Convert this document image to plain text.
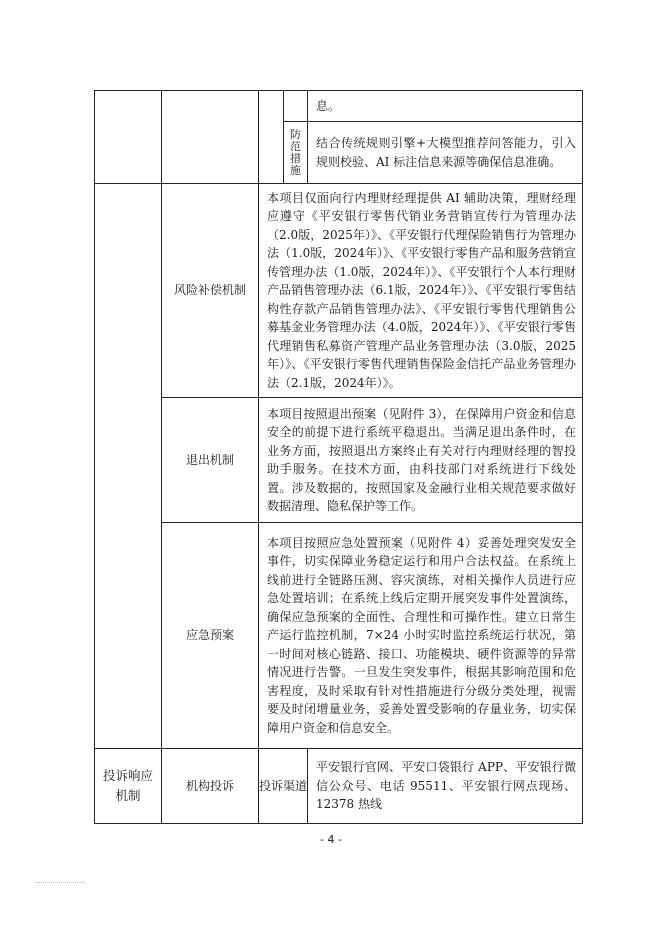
				息。

			防范措施	结合传统规则引擎+大模型推荐问答能力，引入规则校验、AI 标注信息来源等确保信息准确。
	风险补偿机制	本项目仅面向行内理财经理提供 AI 辅助决策，理财经理应遵守《平安银行零售代销业务营销宣传行为管理办法（2.0版，2025年）》、《平安银行代理保险销售行为管理办法（1.0版，2024年）》、《平安银行零售产品和服务营销宣传管理办法（1.0版，2024年）》、《平安银行个人本行理财产品销售管理办法（6.1版，2024年）》、《平安银行零售结构性存款产品销售管理办法》、《平安银行零售代理销售公募基金业务管理办法（4.0版，2024年）》、《平安银行零售代理销售私募资产管理产品业务管理办法（3.0版，2025年）》、《平安银行零售代理销售保险金信托产品业务管理办法（2.1版，2024年）》。		
	退出机制	本项目按照退出预案（见附件 3），在保障用户资金和信息安全的前提下进行系统平稳退出。当满足退出条件时，在业务方面，按照退出方案终止有关对行内理财经理的智投助手服务。在技术方面，由科技部门对系统进行下线处置。涉及数据的，按照国家及金融行业相关规范要求做好数据清理、隐私保护等工作。		
	应急预案	本项目按照应急处置预案（见附件 4）妥善处理突发安全事件，切实保障业务稳定运行和用户合法权益。在系统上线前进行全链路压测、容灾演练，对相关操作人员进行应急处置培训；在系统上线后定期开展突发事件处置演练，确保应急预案的全面性、合理性和可操作性。建立日常生产运行监控机制，7×24 小时实时监控系统运行状况，第一时间对核心链路、接口、功能模块、硬件资源等的异常情况进行告警。一旦发生突发事件，根据其影响范围和危害程度，及时采取有针对性措施进行分级分类处理，视需要及时闭增量业务，妥善处置受影响的存量业务，切实保障用户资金和信息安全。		
投诉响应机制	机构投诉	投诉渠道		平安银行官网、平安口袋银行 APP、平安银行微信公众号、电话 95511、平安银行网点现场、12378 热线
- 4 -
